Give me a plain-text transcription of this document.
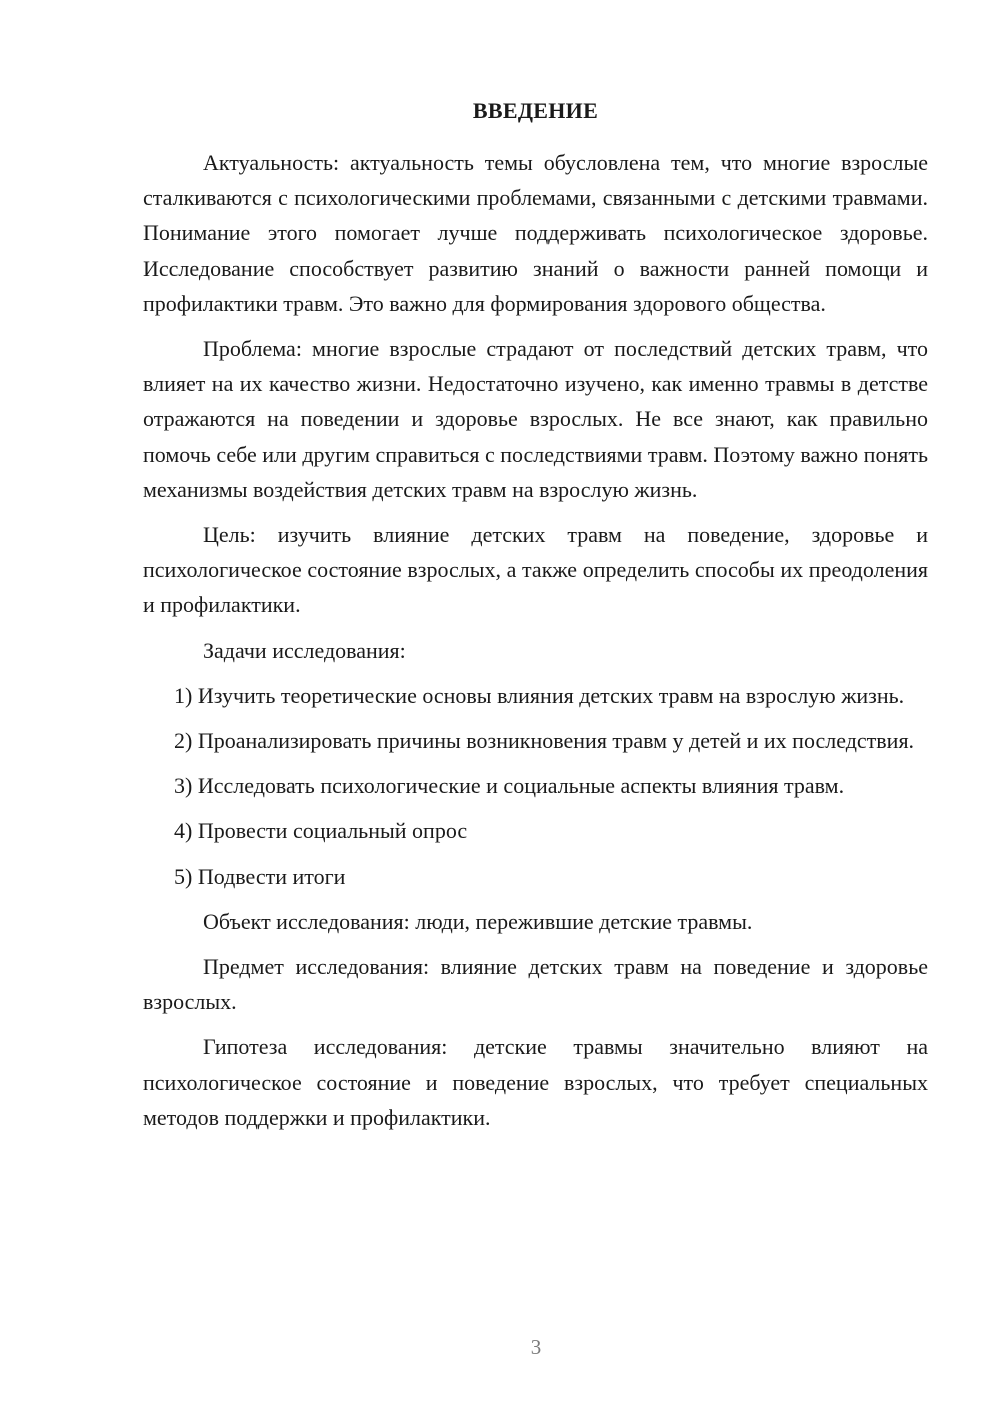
ВВЕДЕНИЕ

Актуальность: актуальность темы обусловлена тем, что многие взрослые сталкиваются с психологическими проблемами, связанными с детскими травмами. Понимание этого помогает лучше поддерживать психологическое здоровье. Исследование способствует развитию знаний о важности ранней помощи и профилактики травм. Это важно для формирования здорового общества.

Проблема: многие взрослые страдают от последствий детских травм, что влияет на их качество жизни. Недостаточно изучено, как именно травмы в детстве отражаются на поведении и здоровье взрослых. Не все знают, как правильно помочь себе или другим справиться с последствиями травм. Поэтому важно понять механизмы воздействия детских травм на взрослую жизнь.

Цель: изучить влияние детских травм на поведение, здоровье и психологическое состояние взрослых, а также определить способы их преодоления и профилактики.

Задачи исследования:

1) Изучить теоретические основы влияния детских травм на взрослую жизнь.

2) Проанализировать причины возникновения травм у детей и их последствия.

3) Исследовать психологические и социальные аспекты влияния травм.

4) Провести социальный опрос

5) Подвести итоги

Объект исследования: люди, пережившие детские травмы.

Предмет исследования: влияние детских травм на поведение и здоровье взрослых.

Гипотеза исследования: детские травмы значительно влияют на психологическое состояние и поведение взрослых, что требует специальных методов поддержки и профилактики.

3
